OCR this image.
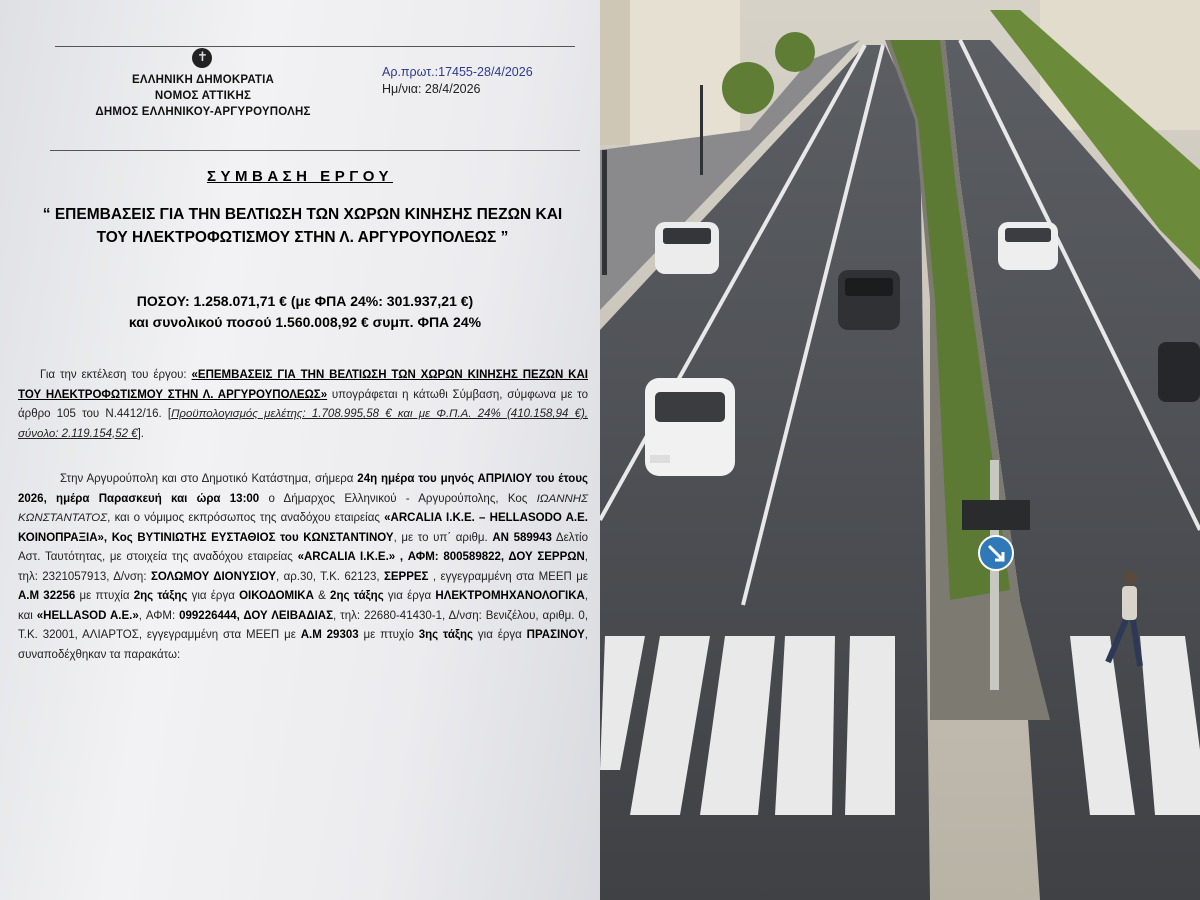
✝
ΕΛΛΗΝΙΚΗ ΔΗΜΟΚΡΑΤΙΑ
ΝΟΜΟΣ ΑΤΤΙΚΗΣ
ΔΗΜΟΣ ΕΛΛΗΝΙΚΟΥ-ΑΡΓΥΡΟΥΠΟΛΗΣ
Αρ.πρωτ.:17455-28/4/2026
Ημ/νια: 28/4/2026
ΣΥΜΒΑΣΗ ΕΡΓΟΥ
“ ΕΠΕΜΒΑΣΕΙΣ ΓΙΑ ΤΗΝ ΒΕΛΤΙΩΣΗ ΤΩΝ ΧΩΡΩΝ ΚΙΝΗΣΗΣ ΠΕΖΩΝ ΚΑΙ ΤΟΥ ΗΛΕΚΤΡΟΦΩΤΙΣΜΟΥ ΣΤΗΝ Λ. ΑΡΓΥΡΟΥΠΟΛΕΩΣ ”
ΠΟΣΟΥ: 1.258.071,71 € (με ΦΠΑ 24%: 301.937,21 €)
και συνολικού ποσού 1.560.008,92 € συμπ. ΦΠΑ 24%
Για την εκτέλεση του έργου: «ΕΠΕΜΒΑΣΕΙΣ ΓΙΑ ΤΗΝ ΒΕΛΤΙΩΣΗ ΤΩΝ ΧΩΡΩΝ ΚΙΝΗΣΗΣ ΠΕΖΩΝ ΚΑΙ ΤΟΥ ΗΛΕΚΤΡΟΦΩΤΙΣΜΟΥ ΣΤΗΝ Λ. ΑΡΓΥΡΟΥΠΟΛΕΩΣ» υπογράφεται η κάτωθι Σύμβαση, σύμφωνα με το άρθρο 105 του Ν.4412/16. [Προϋπολογισμός μελέτης: 1.708.995,58 € και με Φ.Π.Α. 24% (410.158,94 €), σύνολο: 2.119.154,52 €].
Στην Αργυρούπολη και στο Δημοτικό Κατάστημα, σήμερα 24η ημέρα του μηνός ΑΠΡΙΛΙΟΥ του έτους 2026, ημέρα Παρασκευή και ώρα 13:00 ο Δήμαρχος Ελληνικού - Αργυρούπολης, Κος ΙΩΑΝΝΗΣ ΚΩΝΣΤΑΝΤΑΤΟΣ, και ο νόμιμος εκπρόσωπος της αναδόχου εταιρείας «ARCALIA I.K.E. – HELLASODO A.E. ΚΟΙΝΟΠΡΑΞΙΑ», Κος ΒΥΤΙΝΙΩΤΗΣ ΕΥΣΤΑΘΙΟΣ του ΚΩΝΣΤΑΝΤΙΝΟΥ, με το υπ΄ αριθμ. ΑΝ 589943 Δελτίο Αστ. Ταυτότητας, με στοιχεία της αναδόχου εταιρείας «ARCALIA I.K.E.» , ΑΦΜ: 800589822, ΔΟΥ ΣΕΡΡΩΝ, τηλ: 2321057913, Δ/νση: ΣΟΛΩΜΟΥ ΔΙΟΝΥΣΙΟΥ, αρ.30, Τ.Κ. 62123, ΣΕΡΡΕΣ , εγγεγραμμένη στα ΜΕΕΠ με Α.Μ 32256 με πτυχία 2ης τάξης για έργα ΟΙΚΟΔΟΜΙΚΑ & 2ης τάξης για έργα ΗΛΕΚΤΡΟΜΗΧΑΝΟΛΟΓΙΚΑ, και «HELLASOD A.E.», ΑΦΜ: 099226444, ΔΟΥ ΛΕΙΒΑΔΙΑΣ, τηλ: 22680-41430-1, Δ/νση: Βενιζέλου, αριθμ. 0, Τ.Κ. 32001, ΑΛΙΑΡΤΟΣ, εγγεγραμμένη στα ΜΕΕΠ με Α.Μ 29303 με πτυχίο 3ης τάξης για έργα ΠΡΑΣΙΝΟΥ, συναποδέχθηκαν τα παρακάτω:
